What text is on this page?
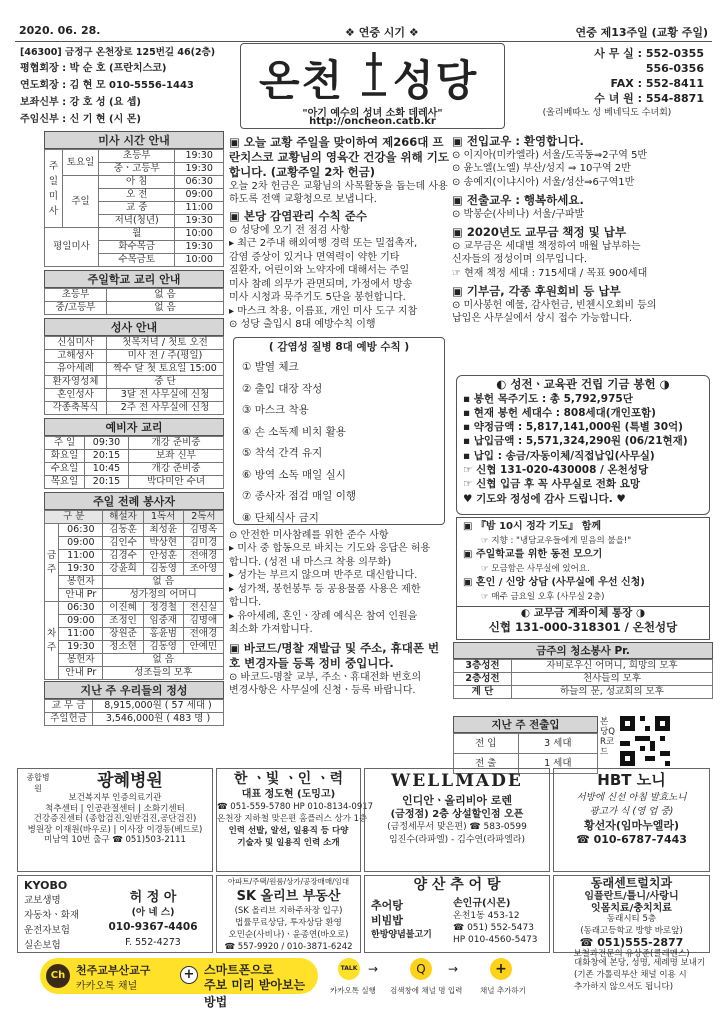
2020. 06. 28.	❖ 연중 시기 ❖	연중 제13주일 (교황 주일)
[46300] 금정구 온천장로 125번길 46(2층)
평협회장 : 박 순 호 (프란치스코)
연도회장 : 김 현 모 010-5556-1443
보좌신부 : 강 호 성 (요 셉)
주임신부 : 신 기 현 (시 몬)
온천 성당
"아기 예수의 성녀 소화 데레사"
http://oncheon.catb.kr
사 무 실 : 552-0355
556-0356
FAX : 552-8411
수 녀 원 : 554-8871
(올리베따노 성 베네딕도 수녀회)
미사 시간 안내
주일미사	토요일	초등부	19:30
		중ㆍ고등부	19:30
	주일	아 침	06:30
		오 전	09:00
		교 중	11:00
		저녁(청년)	19:30
평일미사		월	10:00
		화수목금	19:30
		수목금토	10:00
주일학교 교리 안내
초등부	없 음
중/고등부	없 음
성사 안내
신심미사	첫목저녁 / 첫토 오전
고해성사	미사 전 / 주(평일)
유아세례	짝수 달 첫 토요일 15:00
환자영성체	중 단
혼인성사	3달 전 사무실에 신청
각종축복식	2주 전 사무실에 신청
예비자 교리
주 일	09:30	개강 준비중
화요일	20:15	보좌 신부
수요일	10:45	개강 준비중
목요일	20:15	박다미안 수녀
주일 전례 봉사자
구 분		해설자	1독서	2독서
금주	06:30	김동훈	최성윤	김명옥
	09:00	김인수	박상현	김미경
	11:00	김경수	안성훈	전애경
	19:30	강윤희	김동영	조아영
	봉헌자	없 음		
	안내 Pr	성가정의 어머니		
차주	06:30	이진혜	정경철	전신실
	09:00	조정인	임중재	김명애
	11:00	장원준	홍윤범	전애경
	19:30	정소현	김동영	안예민
	봉헌자	없 음		
	안내 Pr	성조들의 모후		
지난 주 우리들의 정성
교 무 금	8,915,000원 ( 57 세대 )
주일헌금	3,546,000원 ( 483 명 )
▣ 오늘 교황 주일을 맞이하여 제266대 프란치스코 교황님의 영육간 건강을 위해 기도합니다. (교황주일 2차 헌금)
오늘 2차 헌금은 교황님의 사목활동을 돕는데 사용하도록 전액 교황청으로 보냅니다.
▣ 본당 감염관리 수칙 준수
⊙ 성당에 오기 전 점검 사항
▸ 최근 2주내 해외여행 경력 또는 밀접촉자,
감염 증상이 있거나 면역력이 약한 기타
질환자, 어린이와 노약자에 대해서는 주일
미사 참례 의무가 관면되며, 가정에서 방송
미사 시청과 묵주기도 5단을 봉헌합니다.
▸ 마스크 착용, 이름표, 개인 미사 도구 지참
⊙ 성당 출입시 8대 예방수칙 이행
( 감염성 질병 8대 예방 수칙 )
① 발열 체크
② 출입 대장 작성
③ 마스크 착용
④ 손 소독제 비치 활용
⑤ 착석 간격 유지
⑥ 방역 소독 매일 실시
⑦ 종사자 점검 매일 이행
⑧ 단체식사 금지
⊙ 안전한 미사참례를 위한 준수 사항
▸ 미사 중 합동으로 바치는 기도와 응답은 허용
합니다. (성전 내 마스크 착용 의무화)
▸ 성가는 부르지 않으며 반주로 대신합니다.
▸ 성가책, 봉헌봉투 등 공용물품 사용은 제한
합니다.
▸ 유아세례, 혼인ㆍ장례 예식은 참여 인원을
최소화 가져합니다.
▣ 바코드/명찰 재발급 및 주소, 휴대폰 번호 변경자들 등록 정비 중입니다.
⊙ 바코드-명찰 교부, 주소ㆍ휴대전화 번호의
변경사항은 사무실에 신청ㆍ등록 바랍니다.
▣ 전입교우 : 환영합니다.
⊙ 이지아(미카엘라) 서울/도곡동⇒2구역 5반
⊙ 윤노엘(노엘) 부산/성지 ⇒ 10구역 2반
⊙ 송예지(이냐시아) 서울/성산⇒6구역1반
▣ 전출교우 : 행복하세요.
⊙ 박봉순(사비나) 서울/구파발
▣ 2020년도 교무금 책정 및 납부
⊙ 교무금은 세대별 책정하여 매월 납부하는
신자들의 정성이며 의무입니다.
☞ 현재 책정 세대 : 715세대 / 목표 900세대
▣ 기부금, 각종 후원회비 등 납부
⊙ 미사봉헌 예물, 감사헌금, 빈첸시오회비 등의
납입은 사무실에서 상시 접수 가능합니다.
◐ 성전ㆍ교육관 건립 기금 봉헌 ◑
▪ 봉헌 목주기도 : 총 5,792,975단
▪ 현재 봉헌 세대수 : 808세대(개인포함)
▪ 약정금액 : 5,817,141,000원 (특별 30억)
▪ 납입금액 : 5,571,324,290원 (06/21현재)
▪ 납입 : 송금/자동이체/직접납입(사무실)
☞ 신협 131-020-430008 / 온천성당
☞ 신협 입금 후 꼭 사무실로 전화 요망
♥ 기도와 정성에 감사 드립니다. ♥
▣ 『밤 10시 정각 기도』 함께
☞ 지향 : "냉담교우들에게 믿음의 불을!"
▣ 주일학교를 위한 동전 모으기
☞ 모금함은 사무실에 있어요.
▣ 혼인 / 신앙 상담 (사무실에 우선 신청)
☞ 매주 금요일 오후 (사무실 2층)
◐ 교무금 계좌이체 통장 ◑
신협 131-000-318301 / 온천성당
금주의 청소봉사 Pr.
3층성전	자비로우신 어머니, 희망의 모후
2층성전	천사들의 모후
계 단	하늘의 문, 성교회의 모후
지난 주 전출입
전 입	3 세대
전 출	1 세대
본당QR코드
종합병원	광혜병원
보건복지부 인증의료기관
척추센터 | 인공관절센터 | 소화기센터
건강증진센터 (종합검진,일반검진,공단검진)
병원장 이재원(바우로) | 이사장 이경동(베드로)
미남역 10번 출구 ☎ 051)503-2111
한 ㆍ빛 ㆍ인 ㆍ력
대표 정도현 (도밍고)
☎ 051-559-5780 HP 010-8134-0917
온천장 지하철 맞은편 홈플러스 상가 1층
인력 선발, 알선, 일용직 등 다양
기술자 및 일용직 인력 소개
WELLMADE
인디안ㆍ올리비아 로렌
(금정점) 2층 상설할인점 오픈
(금정세무서 맞은편) ☎ 583-0599
임진수(라파엘) - 김수연(라파엘라)
HBT 노니
서방에 신선 아침 발효노니
광고가 식 (영 업 중)
황선자(임마누엘라)
☎ 010-6787-7443
KYOBO
교보생명
자동차ㆍ화재
운전자보험
실손보험
허 정 아
(아 네 스)
010-9367-4406
F. 552-4273
아파트/주택/원룸/상가/공장매매/임대
SK 올리브 부동산
(SK 올리브 지하주차장 입구)
법률무료상담, 투자상담 환영
오민순(사비나)ㆍ윤종연(바오로)
☎ 557-9920 / 010-3871-6242
양 산 추 어 탕
추어탕
비빔밥
한방양념불고기
손인규(시몬)
온천1동 453-12
☎ 051) 552-5473
HP 010-4560-5473
동래센트럴치과
임플란트/틀니/사랑니
잇몸치료/충치치료
동래시티 5층
(동래고등학교 방향 바로앞)
☎ 051)555-2877
보철과전문의 유상준(클레멘스)
Ch 천주교부산교구
카카오톡 채널
+ 스마트폰으로
주보 미리 받아보는 방법
TALK →	Q	→	+
카카오톡 실행 검색창에 채널 명 입력 채널 추가하기
대화창에 본당, 성명, 세례명 보내기
(기존 가톨릭부산 채널 이용 시
추가하지 않으셔도 됩니다)
